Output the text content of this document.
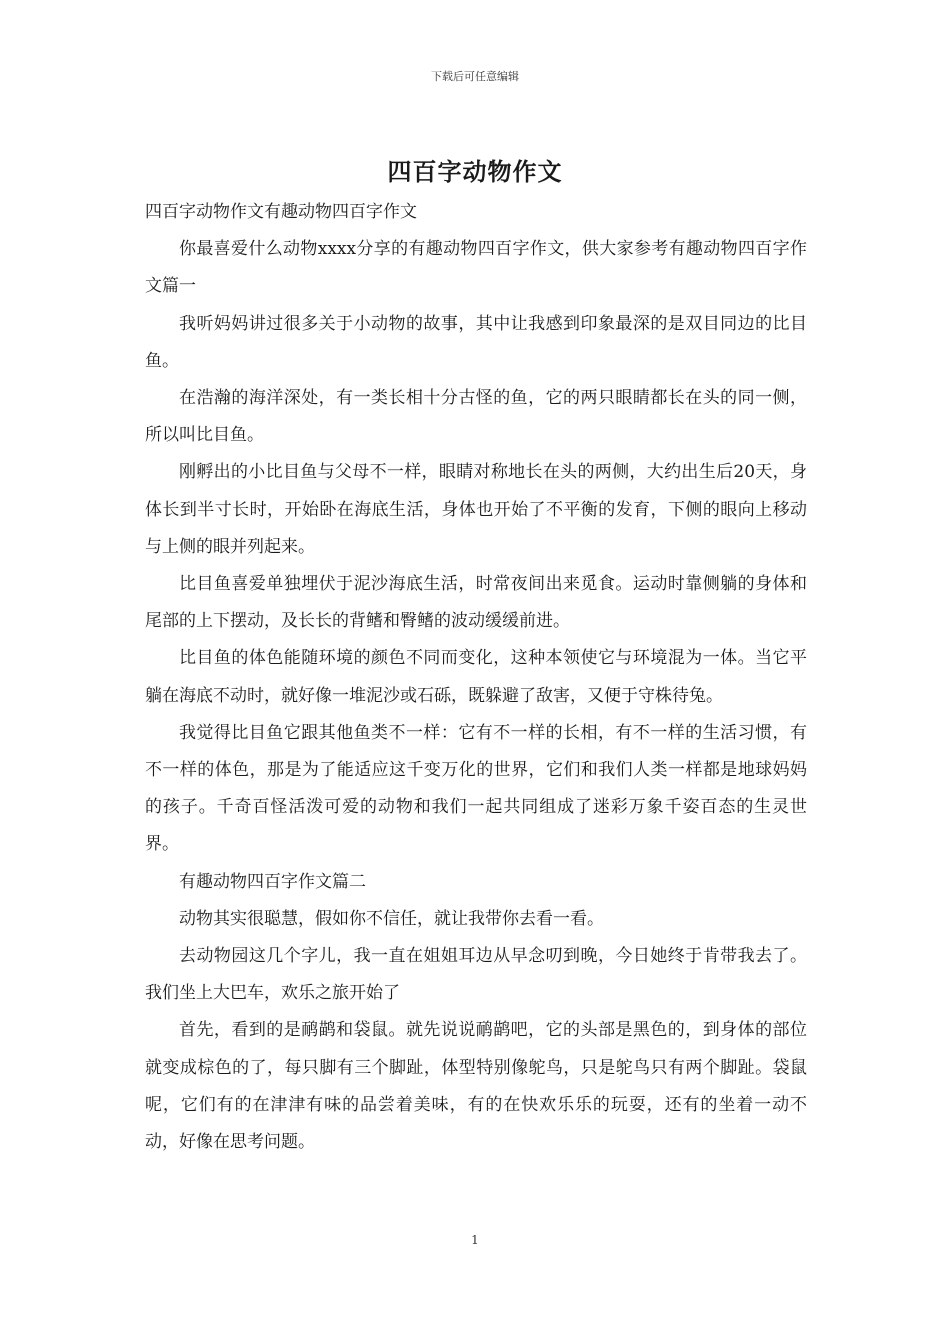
下载后可任意编辑
四百字动物作文

四百字动物作文有趣动物四百字作文

你最喜爱什么动物xxxx分享的有趣动物四百字作文，供大家参考有趣动物四百字作文篇一

我听妈妈讲过很多关于小动物的故事，其中让我感到印象最深的是双目同边的比目鱼。

在浩瀚的海洋深处，有一类长相十分古怪的鱼，它的两只眼睛都长在头的同一侧，所以叫比目鱼。

刚孵出的小比目鱼与父母不一样，眼睛对称地长在头的两侧，大约出生后20天，身体长到半寸长时，开始卧在海底生活，身体也开始了不平衡的发育，下侧的眼向上移动与上侧的眼并列起来。

比目鱼喜爱单独埋伏于泥沙海底生活，时常夜间出来觅食。运动时靠侧躺的身体和尾部的上下摆动，及长长的背鳍和臀鳍的波动缓缓前进。

比目鱼的体色能随环境的颜色不同而变化，这种本领使它与环境混为一体。当它平躺在海底不动时，就好像一堆泥沙或石砾，既躲避了敌害，又便于守株待兔。

我觉得比目鱼它跟其他鱼类不一样：它有不一样的长相，有不一样的生活习惯，有不一样的体色，那是为了能适应这千变万化的世界，它们和我们人类一样都是地球妈妈的孩子。千奇百怪活泼可爱的动物和我们一起共同组成了迷彩万象千姿百态的生灵世界。

有趣动物四百字作文篇二

动物其实很聪慧，假如你不信任，就让我带你去看一看。

去动物园这几个字儿，我一直在姐姐耳边从早念叨到晚，今日她终于肯带我去了。我们坐上大巴车，欢乐之旅开始了

首先，看到的是鸸鹋和袋鼠。就先说说鸸鹋吧，它的头部是黑色的，到身体的部位就变成棕色的了，每只脚有三个脚趾，体型特别像鸵鸟，只是鸵鸟只有两个脚趾。袋鼠呢，它们有的在津津有味的品尝着美味，有的在快欢乐乐的玩耍，还有的坐着一动不动，好像在思考问题。

1
